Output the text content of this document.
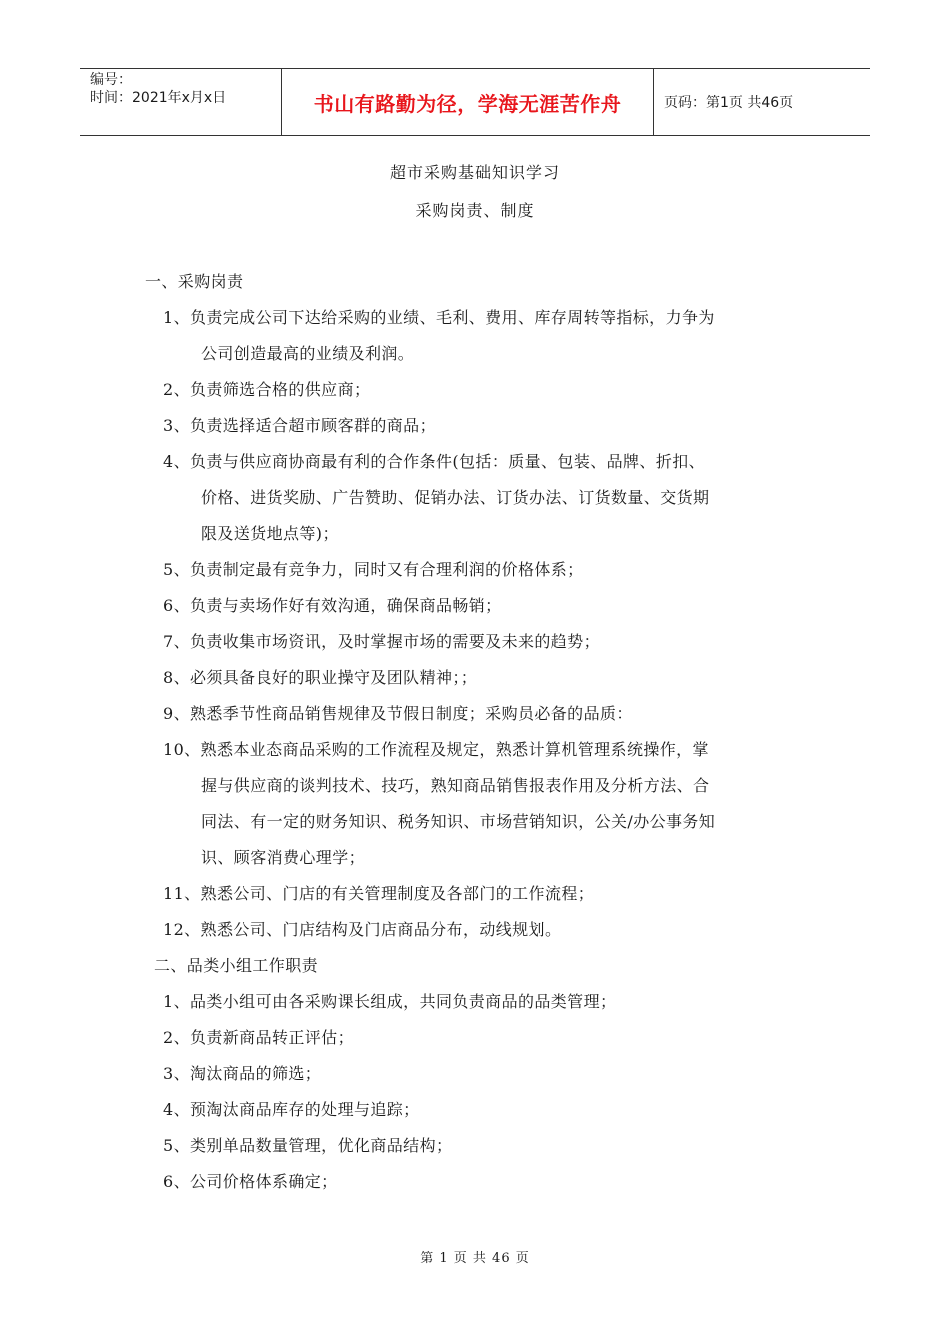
编号：
时间：2021年x月x日	书山有路勤为径，学海无涯苦作舟	页码：第1页 共46页
超市采购基础知识学习
采购岗责、制度
一、采购岗责
1、负责完成公司下达给采购的业绩、毛利、费用、库存周转等指标，力争为
公司创造最高的业绩及利润。
2、负责筛选合格的供应商；
3、负责选择适合超市顾客群的商品；
4、负责与供应商协商最有利的合作条件(包括：质量、包装、品牌、折扣、
价格、进货奖励、广告赞助、促销办法、订货办法、订货数量、交货期
限及送货地点等)；
5、负责制定最有竞争力，同时又有合理利润的价格体系；
6、负责与卖场作好有效沟通，确保商品畅销；
7、负责收集市场资讯，及时掌握市场的需要及未来的趋势；
8、必须具备良好的职业操守及团队精神；；
9、熟悉季节性商品销售规律及节假日制度；采购员必备的品质：
10、熟悉本业态商品采购的工作流程及规定，熟悉计算机管理系统操作，掌
握与供应商的谈判技术、技巧，熟知商品销售报表作用及分析方法、合
同法、有一定的财务知识、税务知识、市场营销知识，公关/办公事务知
识、顾客消费心理学；
11、熟悉公司、门店的有关管理制度及各部门的工作流程；
12、熟悉公司、门店结构及门店商品分布，动线规划。
二、品类小组工作职责
1、品类小组可由各采购课长组成，共同负责商品的品类管理；
2、负责新商品转正评估；
3、淘汰商品的筛选；
4、预淘汰商品库存的处理与追踪；
5、类别单品数量管理，优化商品结构；
6、公司价格体系确定；
第 1 页 共 46 页
